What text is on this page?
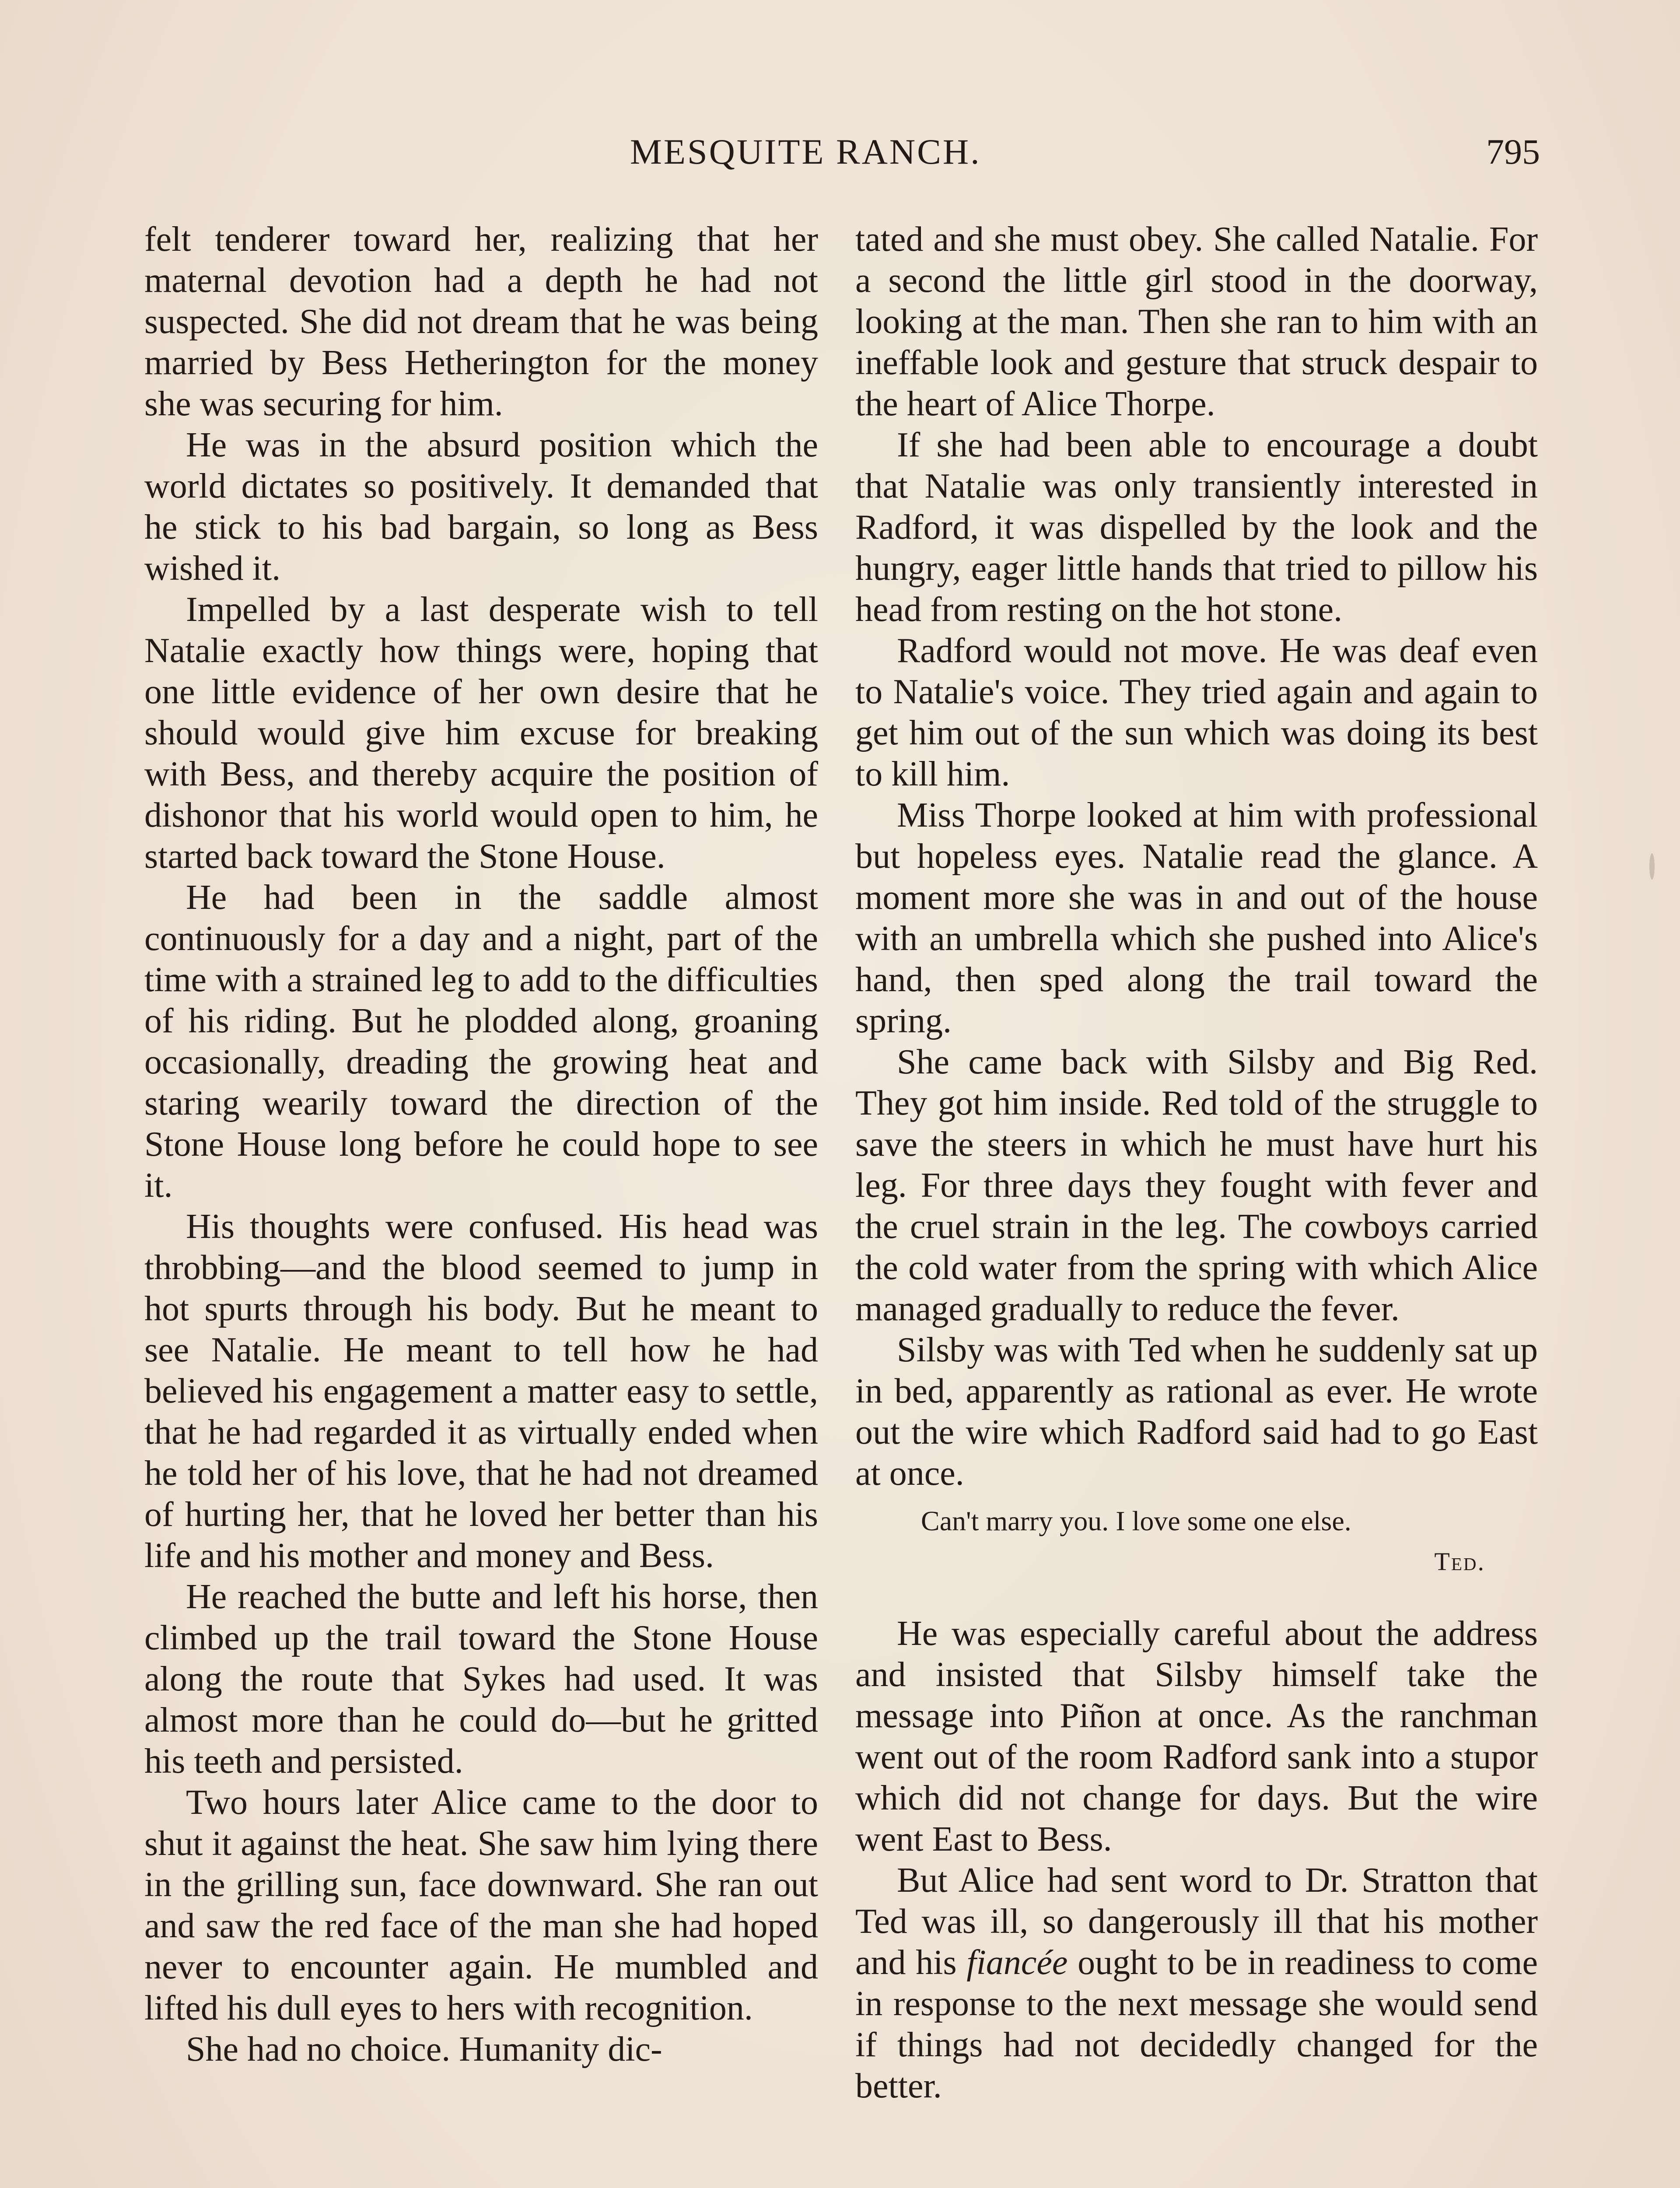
MESQUITE RANCH.	795

felt tenderer toward her, realizing that her maternal devotion had a depth he had not suspected. She did not dream that he was being married by Bess Hetherington for the money she was securing for him.

He was in the absurd position which the world dictates so positively. It demanded that he stick to his bad bargain, so long as Bess wished it.

Impelled by a last desperate wish to tell Natalie exactly how things were, hoping that one little evidence of her own desire that he should would give him excuse for breaking with Bess, and thereby acquire the position of dishonor that his world would open to him, he started back toward the Stone House.

He had been in the saddle almost continuously for a day and a night, part of the time with a strained leg to add to the difficulties of his riding. But he plodded along, groaning occasionally, dreading the growing heat and staring wearily toward the direction of the Stone House long before he could hope to see it.

His thoughts were confused. His head was throbbing—and the blood seemed to jump in hot spurts through his body. But he meant to see Natalie. He meant to tell how he had believed his engagement a matter easy to settle, that he had regarded it as virtually ended when he told her of his love, that he had not dreamed of hurting her, that he loved her better than his life and his mother and money and Bess.

He reached the butte and left his horse, then climbed up the trail toward the Stone House along the route that Sykes had used. It was almost more than he could do—but he gritted his teeth and persisted.

Two hours later Alice came to the door to shut it against the heat. She saw him lying there in the grilling sun, face downward. She ran out and saw the red face of the man she had hoped never to encounter again. He mumbled and lifted his dull eyes to hers with recognition.

She had no choice. Humanity dic-

tated and she must obey. She called Natalie. For a second the little girl stood in the doorway, looking at the man. Then she ran to him with an ineffable look and gesture that struck despair to the heart of Alice Thorpe.

If she had been able to encourage a doubt that Natalie was only transiently interested in Radford, it was dispelled by the look and the hungry, eager little hands that tried to pillow his head from resting on the hot stone.

Radford would not move. He was deaf even to Natalie's voice. They tried again and again to get him out of the sun which was doing its best to kill him.

Miss Thorpe looked at him with professional but hopeless eyes. Natalie read the glance. A moment more she was in and out of the house with an umbrella which she pushed into Alice's hand, then sped along the trail toward the spring.

She came back with Silsby and Big Red. They got him inside. Red told of the struggle to save the steers in which he must have hurt his leg. For three days they fought with fever and the cruel strain in the leg. The cowboys carried the cold water from the spring with which Alice managed gradually to reduce the fever.

Silsby was with Ted when he suddenly sat up in bed, apparently as rational as ever. He wrote out the wire which Radford said had to go East at once.

Can't marry you. I love some one else.

Ted.

He was especially careful about the address and insisted that Silsby himself take the message into Piñon at once. As the ranchman went out of the room Radford sank into a stupor which did not change for days. But the wire went East to Bess.

But Alice had sent word to Dr. Stratton that Ted was ill, so dangerously ill that his mother and his fiancée ought to be in readiness to come in response to the next message she would send if things had not decidedly changed for the better.
